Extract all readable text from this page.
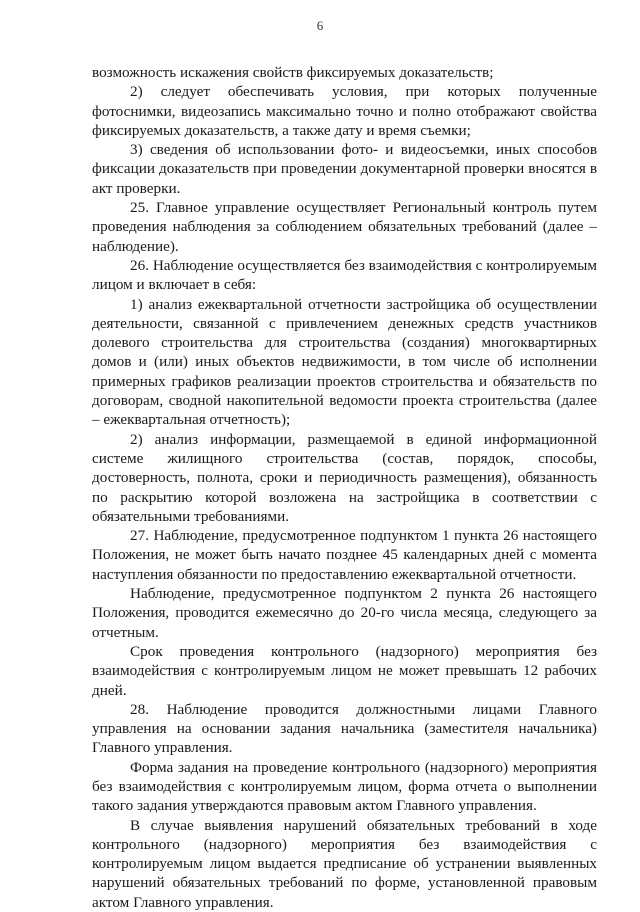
6

возможность искажения свойств фиксируемых доказательств;

2) следует обеспечивать условия, при которых полученные фотоснимки, видеозапись максимально точно и полно отображают свойства фиксируемых доказательств, а также дату и время съемки;

3) сведения об использовании фото- и видеосъемки, иных способов фиксации доказательств при проведении документарной проверки вносятся в акт проверки.

25. Главное управление осуществляет Региональный контроль путем проведения наблюдения за соблюдением обязательных требований (далее – наблюдение).

26. Наблюдение осуществляется без взаимодействия с контролируемым лицом и включает в себя:

1) анализ ежеквартальной отчетности застройщика об осуществлении деятельности, связанной с привлечением денежных средств участников долевого строительства для строительства (создания) многоквартирных домов и (или) иных объектов недвижимости, в том числе об исполнении примерных графиков реализации проектов строительства и обязательств по договорам, сводной накопительной ведомости проекта строительства (далее – ежеквартальная отчетность);

2) анализ информации, размещаемой в единой информационной системе жилищного строительства (состав, порядок, способы, достоверность, полнота, сроки и периодичность размещения), обязанность по раскрытию которой возложена на застройщика в соответствии с обязательными требованиями.

27. Наблюдение, предусмотренное подпунктом 1 пункта 26 настоящего Положения, не может быть начато позднее 45 календарных дней с момента наступления обязанности по предоставлению ежеквартальной отчетности.

Наблюдение, предусмотренное подпунктом 2 пункта 26 настоящего Положения, проводится ежемесячно до 20-го числа месяца, следующего за отчетным.

Срок проведения контрольного (надзорного) мероприятия без взаимодействия с контролируемым лицом не может превышать 12 рабочих дней.

28. Наблюдение проводится должностными лицами Главного управления на основании задания начальника (заместителя начальника) Главного управления.

Форма задания на проведение контрольного (надзорного) мероприятия без взаимодействия с контролируемым лицом, форма отчета о выполнении такого задания утверждаются правовым актом Главного управления.

В случае выявления нарушений обязательных требований в ходе контрольного (надзорного) мероприятия без взаимодействия с контролируемым лицом выдается предписание об устранении выявленных нарушений обязательных требований по форме, установленной правовым актом Главного управления.
